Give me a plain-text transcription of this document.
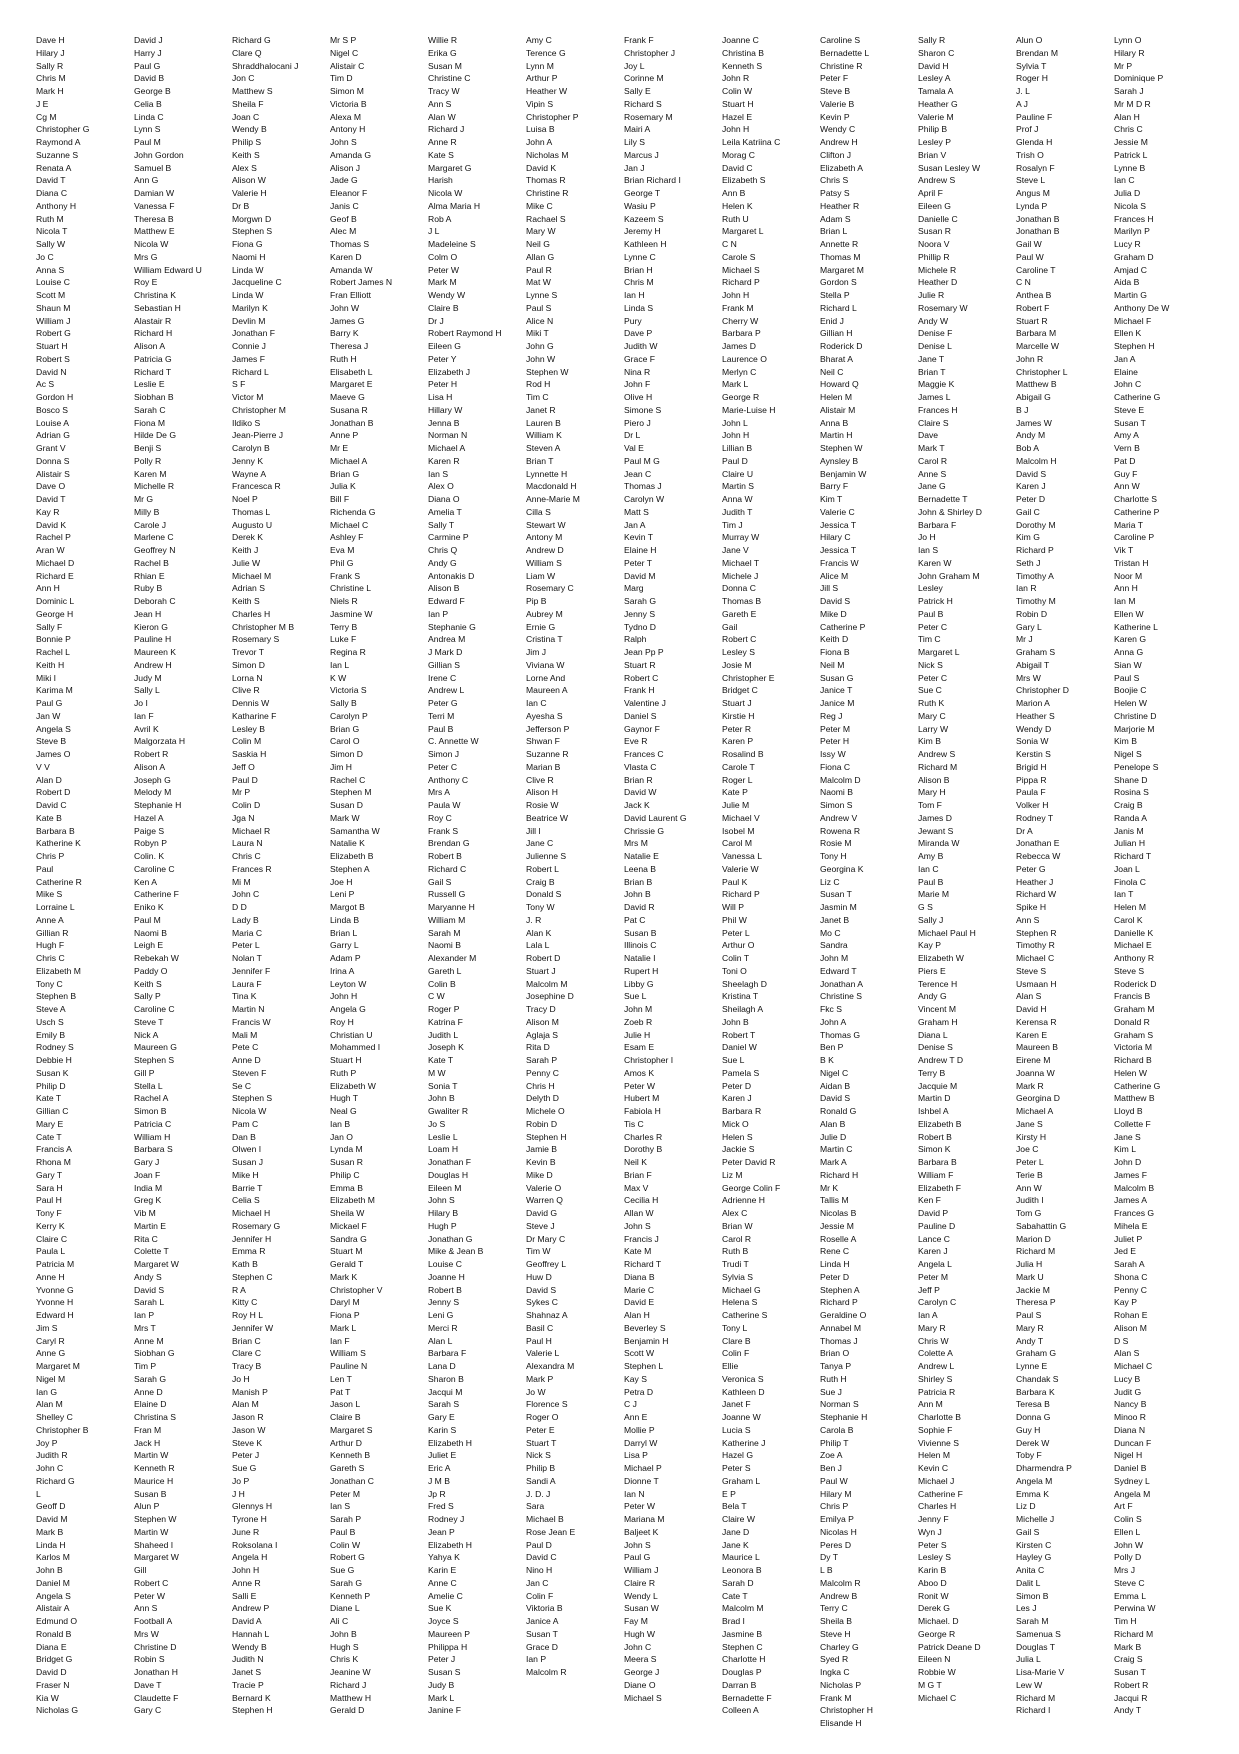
Dave H
Hilary J
Sally R
Chris M
Mark H
J E
Cg M
Christopher G
Raymond A
Suzanne S
Renata A
David T
Diana C
Anthony H
Ruth M
Nicola T
Sally W
Jo C
Anna S
Louise C
Scott M
Shaun M
William J
Robert G
Stuart H
Robert S
David N
Ac S
Gordon H
Bosco S
Louise A
Adrian G
Grant V
Donna S
Alistair S
Dave O
David T
Kay R
David K
Rachel P
Aran W
Michael D
Richard E
Ann H
Dominic L
George H
Sally F
Bonnie P
Rachel L
Keith H
Miki I
Karima M
Paul G
Jan W
Angela S
Steve B
James O
V V
Alan D
Robert D
David C
Kate B
Barbara B
Katherine K
Chris P
Paul
Catherine R
Mike S
Lorraine L
Anne A
Gillian R
Hugh F
Chris C
Elizabeth M
Tony C
Stephen B
Steve A
Usch S
Emily B
Rodney S
Debbie H
Susan K
Philip D
Kate T
Gillian C
Mary E
Cate T
Francis A
Rhona M
Gary T
Sara H
Paul H
Tony F
Kerry K
Claire C
Paula L
Patricia M
Anne H
Yvonne G
Yvonne H
Edward H
Jim S
Caryl R
Anne G
Margaret M
Nigel M
Ian G
Alan M
Shelley C
Christopher B
Joy P
Judith R
John C
Richard G
L
Geoff D
David M
Mark B
Linda H
Karlos M
John B
Daniel M
Angela S
Alistair A
Edmund O
Ronald B
Diana E
Bridget G
David D
Fraser N
Kia W
Nicholas G
David J
Harry J
Paul G
David B
George B
Celia B
Linda C
Lynn S
Paul M
John Gordon
Samuel B
Ann G
Damian W
Vanessa F
Theresa B
Matthew E
Nicola W
Mrs G
William Edward U
Roy E
Christina K
Sebastian H
Alastair R
Richard H
Alison A
Patricia G
Richard T
Leslie E
Siobhan B
Sarah C
Fiona M
Hilde De G
Benji S
Polly R
Karen M
Michelle R
Mr G
Milly B
Carole J
Marlene C
Geoffrey N
Rachel B
Rhian E
Ruby B
Deborah C
Jean H
Kieron G
Pauline H
Maureen K
Andrew H
Judy M
Sally L
Jo I
Ian F
Avril K
Malgorzata H
Robert R
Alison A
Joseph G
Melody M
Stephanie H
Hazel A
Paige S
Robyn P
Colin. K
Caroline C
Ken A
Catherine F
Eniko K
Paul M
Naomi B
Leigh E
Rebekah W
Paddy O
Keith S
Sally P
Caroline C
Steve T
Nick A
Maureen G
Stephen S
Gill P
Stella L
Rachel A
Simon B
Patricia C
William H
Barbara S
Gary J
Joan F
India M
Greg K
Vib M
Martin E
Rita C
Colette T
Margaret W
Andy S
David S
Sarah L
Ian P
Mrs T
Anne M
Siobhan G
Tim P
Sarah G
Anne D
Elaine D
Christina S
Fran M
Jack H
Martin W
Kenneth R
Maurice H
Susan B
Alun P
Stephen W
Martin W
Shaheed I
Margaret W
Gill
Robert C
Peter W
Ann S
Football A
Mrs W
Christine D
Robin S
Jonathan H
Dave T
Claudette F
Gary C
Richard G
Clare Q
Shraddhalocani J
Jon C
Matthew S
Sheila F
Joan C
Wendy B
Philip S
Keith S
Alex S
Alison W
Valerie H
Dr B
Morgwn D
Stephen S
Fiona G
Naomi H
Linda W
Jacqueline C
Linda W
Marilyn K
Devlin M
Jonathan F
Connie J
James F
Richard L
S F
Victor M
Christopher M
Ildiko S
Jean-Pierre J
Carolyn B
Jenny K
Wayne A
Francesca R
Noel P
Thomas L
Augusto U
Derek K
Keith J
Julie W
Michael M
Adrian S
Keith S
Charles H
Christopher M B
Rosemary S
Trevor T
Simon D
Lorna N
Clive R
Dennis W
Katharine F
Lesley B
Colin M
Saskia H
Jeff O
Paul D
Mr P
Colin D
Jga N
Michael R
Laura N
Chris C
Frances R
Mi M
John C
D D
Lady B
Maria C
Peter L
Nolan T
Jennifer F
Laura F
Tina K
Martin N
Francis W
Mali M
Pete C
Anne D
Steven F
Se C
Stephen S
Nicola W
Pam C
Dan B
Olwen I
Susan J
Mike H
Barrie T
Celia S
Michael H
Rosemary G
Jennifer H
Emma R
Kath B
Stephen C
R A
Kitty C
Roy H L
Jennifer W
Brian C
Clare C
Tracy B
Jo H
Manish P
Alan M
Jason R
Jason W
Steve K
Peter J
Sue G
Jo P
J H
Glennys H
Tyrone H
June R
Roksolana I
Angela H
John H
Anne R
Salli E
Andrew P
David A
Hannah L
Wendy B
Judith N
Janet S
Tracie P
Bernard K
Stephen H
Mr S P
Nigel C
Alistair C
Tim D
Simon M
Victoria B
Alexa M
Antony H
John S
Amanda G
Alison J
Jade G
Eleanor F
Janis C
Geof B
Alec M
Thomas S
Karen D
Amanda W
Robert James N
Fran Elliott
John W
James G
Barry K
Theresa J
Ruth H
Elisabeth L
Margaret E
Maeve G
Susana R
Jonathan B
Anne P
Mr E
Michael A
Brian G
Julia K
Bill F
Richenda G
Michael C
Ashley F
Eva M
Phil G
Frank S
Christine L
Niels R
Jasmine W
Terry B
Luke F
Regina R
Ian L
K W
Victoria S
Sally B
Carolyn P
Brian G
Carol O
Simon D
Jim H
Rachel C
Stephen M
Susan D
Mark W
Samantha W
Natalie K
Elizabeth B
Stephen A
Joe H
Leni P
Margot B
Linda B
Brian L
Garry L
Adam P
Irina A
Leyton W
John H
Angela G
Roy H
Christian U
Mohammed I
Stuart H
Ruth P
Elizabeth W
Hugh T
Neal G
Ian B
Jan O
Lynda M
Susan R
Philip C
Emma B
Elizabeth M
Sheila W
Mickael F
Sandra G
Stuart M
Gerald T
Mark K
Christopher V
Daryl M
Fiona P
Mark L
Ian F
William S
Pauline N
Len T
Pat T
Jason L
Claire B
Margaret S
Arthur D
Kenneth B
Gareth S
Jonathan C
Peter M
Ian S
Sarah P
Paul B
Colin W
Robert G
Sue G
Sarah G
Kenneth P
Diane L
Ali C
John B
Hugh S
Chris K
Jeanine W
Richard J
Matthew H
Gerald D
Willie R
Erika G
Susan M
Christine C
Tracy W
Ann S
Alan W
Richard J
Anne R
Kate S
Margaret G
Harish
Nicola W
Alma Maria H
Rob A
J L
Madeleine S
Colm O
Peter W
Mark M
Wendy W
Claire B
Dr J
Robert Raymond H
Eileen G
Peter Y
Elizabeth J
Peter H
Lisa H
Hillary W
Jenna B
Norman N
Michael A
Karen R
Ian S
Alex O
Diana O
Amelia T
Sally T
Carmine P
Chris Q
Andy G
Antonakis D
Alison B
Edward F
Ian P
Stephanie G
Andrea M
J Mark D
Gillian S
Irene C
Andrew L
Peter G
Terri M
Paul B
C. Annette W
Simon J
Peter C
Anthony C
Mrs A
Paula W
Roy C
Frank S
Brendan G
Robert B
Richard C
Gail S
Russell G
Maryanne H
William M
Sarah M
Naomi B
Alexander M
Gareth L
Colin B
C W
Roger P
Katrina F
Judith L
Joseph K
Kate T
M W
Sonia T
John B
Gwaliter R
Jo S
Leslie L
Loam H
Jonathan F
Douglas H
Eileen M
John S
Hilary B
Hugh P
Jonathan G
Mike & Jean B
Louise C
Joanne H
Robert B
Jenny S
Leni G
Merci R
Alan L
Barbara F
Lana D
Sharon B
Jacqui M
Sarah S
Gary E
Karin S
Elizabeth H
Juliet E
Eric A
J M B
Jp R
Fred S
Rodney J
Jean P
Elizabeth H
Yahya K
Karin E
Anne C
Amelie C
Sue K
Joyce S
Maureen P
Philippa H
Peter J
Susan S
Judy B
Mark L
Janine F
Amy C
Terence G
Lynn M
Arthur P
Heather W
Vipin S
Christopher P
Luisa B
John A
Nicholas M
David K
Thomas R
Christine R
Mike C
Rachael S
Mary W
Neil G
Allan G
Paul R
Mat W
Lynne S
Paul S
Alice N
Miki T
John G
John W
Stephen W
Rod H
Tim C
Janet R
Lauren B
William K
Steven A
Brian T
Lynnette H
Macdonald H
Anne-Marie M
Cilla S
Stewart W
Antony M
Andrew D
William S
Liam W
Rosemary C
Pip B
Aubrey M
Ernie G
Cristina T
Jim J
Viviana W
Lorne And
Maureen A
Ian C
Ayesha S
Jefferson P
Shwan F
Suzanne R
Marian B
Clive R
Alison H
Rosie W
Beatrice W
Jill I
Jane C
Julienne S
Robert L
Craig B
Donald S
Tony W
J. R
Alan K
Lala L
Robert D
Stuart J
Malcolm M
Josephine D
Tracy D
Alison M
Aglaja S
Rita D
Sarah P
Penny C
Chris H
Delyth D
Michele O
Robin D
Stephen H
Jamie B
Kevin B
Mike D
Valerie O
Warren Q
David G
Steve J
Dr Mary C
Tim W
Geoffrey L
Huw D
David S
Sykes C
Shahnaz A
Basil C
Paul H
Valerie L
Alexandra M
Mark P
Jo W
Florence S
Roger O
Peter E
Stuart T
Nick S
Philip B
Sandi A
J. D. J
Sara
Michael B
Rose Jean E
Paul D
David C
Nino H
Jan C
Colin F
Viktoria B
Janice A
Susan T
Grace D
Ian P
Malcolm R
Frank F
Christopher J
Joy L
Corinne M
Sally E
Richard S
Rosemary M
Mairi A
Lily S
Marcus J
Jan J
Brian Richard I
George T
Wasiu P
Kazeem S
Jeremy H
Kathleen H
Lynne C
Brian H
Chris M
Ian H
Linda S
Pury
Dave P
Judith W
Grace F
Nina R
John F
Olive H
Simone S
Piero J
Dr L
Val E
Paul M G
Jean C
Thomas J
Carolyn W
Matt S
Jan A
Kevin T
Elaine H
Peter T
David M
Marg
Sarah G
Jenny S
Tydno D
Ralph
Jean Pp P
Stuart R
Robert C
Frank H
Valentine J
Daniel S
Gaynor F
Eve R
Frances C
Vlasta C
Brian R
David W
Jack K
David Laurent G
Chrissie G
Mrs M
Natalie E
Leena B
Brian B
John B
David R
Pat C
Susan B
Illinois C
Natalie I
Rupert H
Libby G
Sue L
John M
Zoeb R
Julie H
Esam E
Christopher I
Amos K
Peter W
Hubert M
Fabiola H
Tis C
Charles R
Dorothy B
Neil K
Brian F
Max V
Cecilia H
Allan W
John S
Francis J
Kate M
Richard T
Diana B
Marie C
David E
Alan H
Beverley S
Benjamin H
Scott W
Stephen L
Kay S
Petra D
C J
Ann E
Mollie P
Darryl W
Lisa P
Michael P
Dionne T
Ian N
Peter W
Mariana M
Baljeet K
John S
Paul G
William J
Claire R
Wendy L
Susan W
Fay M
Hugh W
John C
Meera S
George J
Diane O
Michael S
Joanne C
Christina B
Kenneth S
John R
Colin W
Stuart H
Hazel E
John H
Leila Katriina C
Morag C
David C
Elizabeth S
Ann B
Helen K
Ruth U
Margaret L
C N
Carole S
Michael S
Richard P
John H
Frank M
Cherry W
Barbara P
James D
Laurence O
Merlyn C
Mark L
George R
Marie-Luise H
John L
John H
Lillian B
Paul D
Claire U
Martin S
Anna W
Judith T
Tim J
Murray W
Jane V
Michael T
Michele J
Donna C
Thomas B
Gareth E
Gail
Robert C
Lesley S
Josie M
Christopher E
Bridget C
Stuart J
Kirstie H
Peter R
Karen P
Rosalind B
Carole T
Roger L
Kate P
Julie M
Michael V
Isobel M
Carol M
Vanessa L
Valerie W
Paul K
Richard P
Will P
Phil W
Peter L
Arthur O
Colin T
Toni O
Sheelagh D
Kristina T
Sheilagh A
John B
Robert T
Daniel W
Sue L
Pamela S
Peter D
Karen J
Barbara R
Mick O
Helen S
Jackie S
Peter David R
Liz M
George Colin F
Adrienne H
Alex C
Brian W
Carol R
Ruth B
Trudi T
Sylvia S
Michael G
Helena S
Catherine S
Tony L
Clare B
Colin F
Ellie
Veronica S
Kathleen D
Janet F
Joanne W
Lucia S
Katherine J
Hazel G
Peter S
Graham L
E P
Bela T
Claire W
Jane D
Jane K
Maurice L
Leonora B
Sarah D
Cate T
Malcolm M
Brad I
Jasmine B
Stephen C
Charlotte H
Douglas P
Darran B
Bernadette F
Colleen A
Caroline S
Bernadette L
Christine R
Peter F
Steve B
Valerie B
Kevin P
Wendy C
Andrew H
Clifton J
Elizabeth A
Chris S
Patsy S
Heather R
Adam S
Brian L
Annette R
Thomas M
Margaret M
Gordon S
Stella P
Richard L
Enid J
Gillian H
Roderick D
Bharat A
Neil C
Howard Q
Helen M
Alistair M
Anna B
Martin H
Stephen W
Aynsley B
Benjamin W
Barry F
Kim T
Valerie C
Jessica T
Hilary C
Jessica T
Francis W
Alice M
Jill S
David S
Mike D
Catherine P
Keith D
Fiona B
Neil M
Susan G
Janice T
Janice M
Reg J
Peter M
Peter H
Issy W
Fiona C
Malcolm D
Naomi B
Simon S
Andrew V
Rowena R
Rosie M
Tony H
Georgina K
Liz C
Susan T
Jasmin M
Janet B
Mo C
Sandra
John M
Edward T
Jonathan A
Christine S
Fkc S
John A
Thomas G
Ben P
B K
Nigel C
Aidan B
David S
Ronald G
Alan B
Julie D
Martin C
Mark A
Richard H
Mr K
Tallis M
Nicolas B
Jessie M
Roselle A
Rene C
Linda H
Peter D
Stephen A
Richard P
Geraldine O
Annabel M
Thomas J
Brian O
Tanya P
Ruth H
Sue J
Norman S
Stephanie H
Carola B
Philip T
Zoe A
Ben J
Paul W
Hilary M
Chris P
Emilya P
Nicolas H
Peres D
Dy T
L B
Malcolm R
Andrew B
Terry C
Sheila B
Steve H
Charley G
Syed R
Ingka C
Nicholas P
Frank M
Christopher H
Elisande H
Sally R
Sharon C
David H
Lesley A
Tamala A
Heather G
Valerie M
Philip B
Lesley P
Brian V
Susan Lesley W
Andrew S
April F
Eileen G
Danielle C
Susan R
Noora V
Phillip R
Michele R
Heather D
Julie R
Rosemary W
Andy W
Denise F
Denise L
Jane T
Brian T
Maggie K
James L
Frances H
Claire S
Dave
Mark T
Carol R
Anne S
Jane G
Bernadette T
John & Shirley D
Barbara F
Jo H
Ian S
Karen W
John Graham M
Lesley
Patrick H
Paul B
Peter C
Tim C
Margaret L
Nick S
Peter C
Sue C
Ruth K
Mary C
Larry W
Kim B
Andrew S
Richard M
Alison B
Mary H
Tom F
James D
Jewant S
Miranda W
Amy B
Ian C
Paul B
Marie M
G S
Sally J
Michael Paul H
Kay P
Elizabeth W
Piers E
Terence H
Andy G
Vincent M
Graham H
Diana L
Denise S
Andrew T D
Terry B
Jacquie M
Martin D
Ishbel A
Elizabeth B
Robert B
Simon K
Barbara B
William F
Elizabeth F
Ken F
David P
Pauline D
Lance C
Karen J
Angela L
Peter M
Jeff P
Carolyn C
Ian A
Mary R
Chris W
Colette A
Andrew L
Shirley S
Patricia R
Ann M
Charlotte B
Sophie F
Vivienne S
Helen M
Kevin C
Michael J
Catherine F
Charles H
Jenny F
Wyn J
Peter S
Lesley S
Karin B
Aboo D
Ronit W
Derek G
Michael. D
George R
Patrick Deane D
Eileen N
Robbie W
M G T
Michael C
Alun O
Brendan M
Sylvia T
Roger H
J. L
A J
Pauline F
Prof J
Glenda H
Trish O
Rosalyn F
Steve L
Angus M
Lynda P
Jonathan B
Jonathan B
Gail W
Paul W
Caroline T
C N
Anthea B
Robert F
Stuart R
Barbara M
Marcelle W
John R
Christopher L
Matthew B
Abigail G
B J
James W
Andy M
Bob A
Malcolm H
David S
Karen J
Peter D
Gail C
Dorothy M
Kim G
Richard P
Seth J
Timothy A
Ian R
Timothy M
Robin D
Gary L
Mr J
Graham S
Abigail T
Mrs W
Christopher D
Marion A
Heather S
Wendy D
Sonia W
Kerstin S
Brigid H
Pippa R
Paula F
Volker H
Rodney T
Dr A
Jonathan E
Rebecca W
Peter G
Heather J
Richard W
Spike H
Ann S
Stephen R
Timothy R
Michael C
Steve S
Usmaan H
Alan S
David H
Kerensa R
Karen E
Maureen B
Eirene M
Joanna W
Mark R
Georgina D
Michael A
Jane S
Kirsty H
Joe C
Peter L
Terie B
Ann W
Judith I
Tom G
Sabahattin G
Marion D
Richard M
Julia H
Mark U
Jackie M
Theresa P
Paul S
Mary R
Andy T
Graham G
Lynne E
Chandak S
Barbara K
Teresa B
Donna G
Guy H
Derek W
Toby F
Dharmendra P
Angela M
Emma K
Liz D
Michelle J
Gail S
Kirsten C
Hayley G
Anita C
Dalit L
Simon B
Les J
Sarah M
Samenua S
Douglas T
Julia L
Lisa-Marie V
Lew W
Richard M
Richard I
Lynn O
Hilary R
Mr P
Dominique P
Sarah J
Mr M D R
Alan H
Chris C
Jessie M
Patrick L
Lynne B
Ian C
Julia D
Nicola S
Frances H
Marilyn P
Lucy R
Graham D
Amjad C
Aida B
Martin G
Anthony De W
Michael F
Ellen K
Stephen H
Jan A
Elaine
John C
Catherine G
Steve E
Susan T
Amy A
Vern B
Pat D
Guy F
Ann W
Charlotte S
Catherine P
Maria T
Caroline P
Vik T
Tristan H
Noor M
Ann H
Ian M
Ellen W
Katherine L
Karen G
Anna G
Sian W
Paul S
Boojie C
Helen W
Christine D
Marjorie M
Kim B
Nigel S
Penelope S
Shane D
Rosina S
Craig B
Randa A
Janis M
Julian H
Richard T
Joan L
Finola C
Ian T
Helen M
Carol K
Danielle K
Michael E
Anthony R
Steve S
Roderick D
Francis B
Graham M
Donald R
Graham S
Victoria M
Richard B
Helen W
Catherine G
Matthew B
Lloyd B
Collette F
Jane S
Kim L
John D
James F
Malcolm B
James A
Frances G
Mihela E
Juliet P
Jed E
Sarah A
Shona C
Penny C
Kay P
Rohan E
Alison M
D S
Alan S
Michael C
Lucy B
Judit G
Nancy B
Minoo R
Diana N
Duncan F
Nigel H
Daniel B
Sydney L
Angela M
Art F
Colin S
Ellen L
John W
Polly D
Mrs J
Steve C
Emma L
Perwina W
Tim H
Richard M
Mark B
Craig S
Susan T
Robert R
Jacqui R
Andy T
